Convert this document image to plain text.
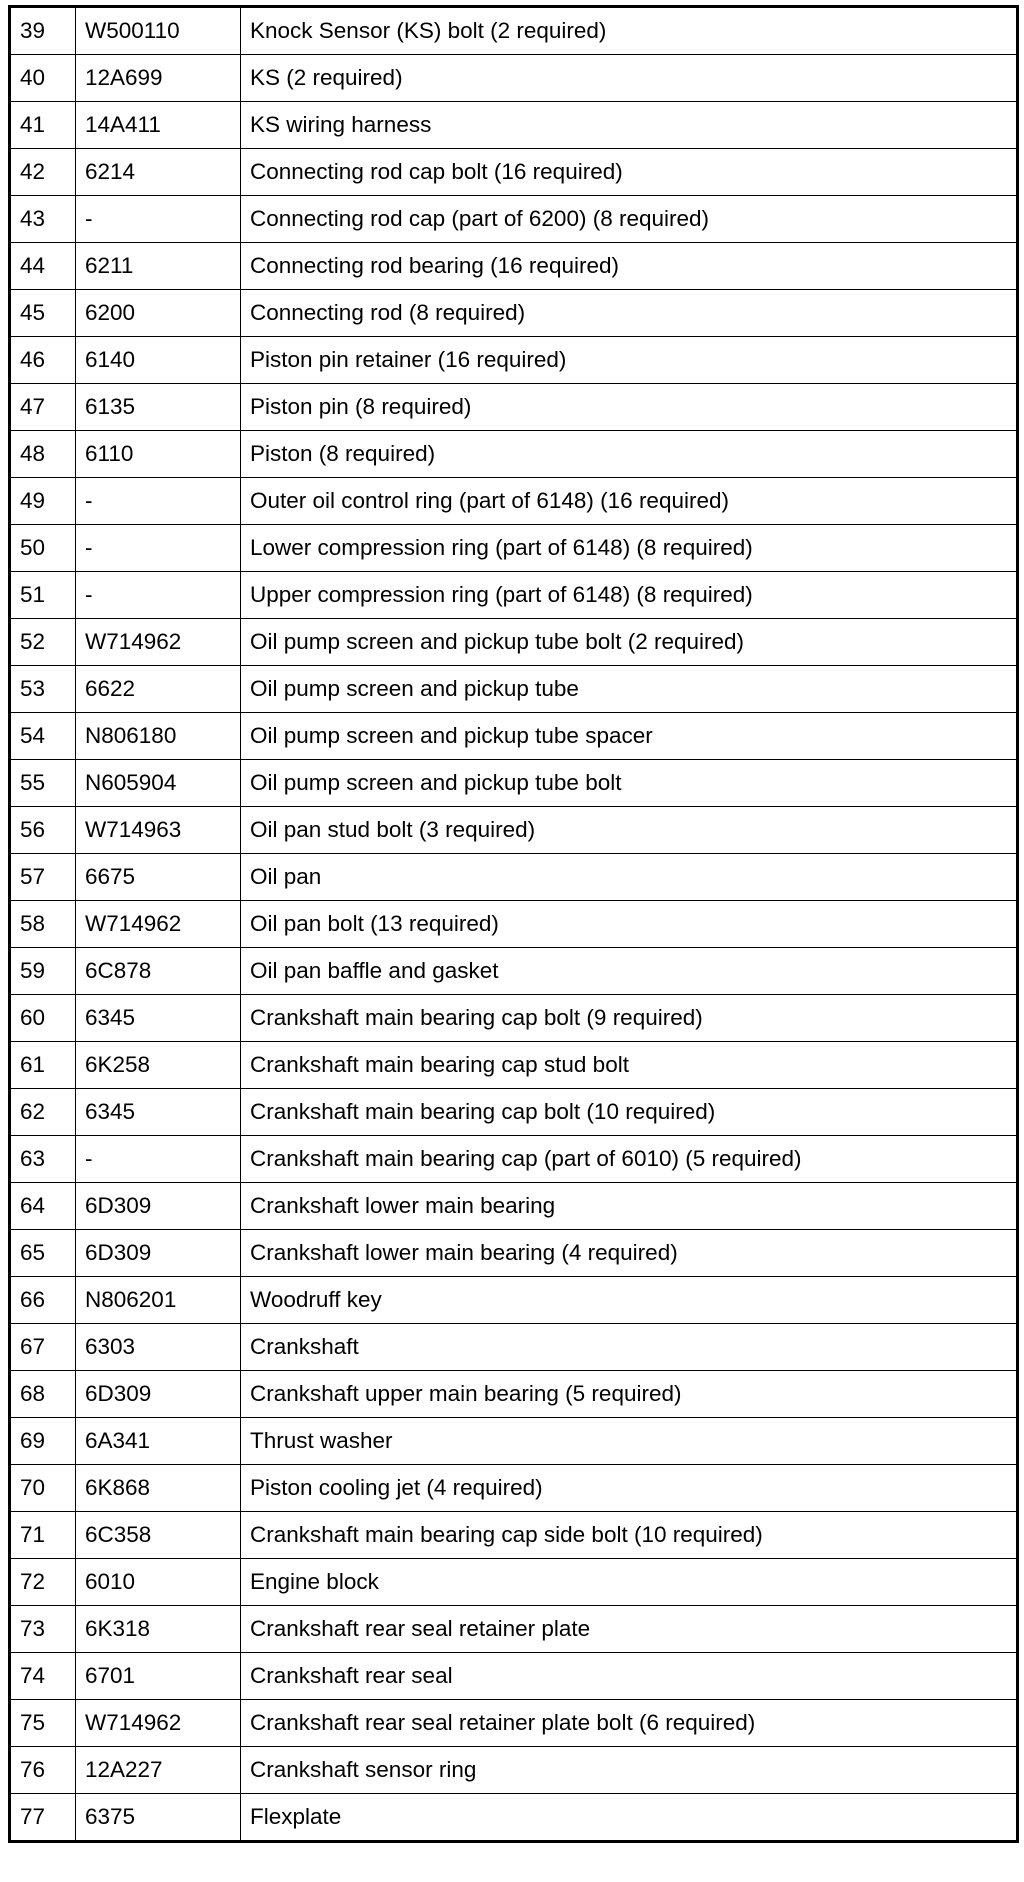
39	W500110	Knock Sensor (KS) bolt (2 required)
40	12A699	KS (2 required)
41	14A411	KS wiring harness
42	6214	Connecting rod cap bolt (16 required)
43	-	Connecting rod cap (part of 6200) (8 required)
44	6211	Connecting rod bearing (16 required)
45	6200	Connecting rod (8 required)
46	6140	Piston pin retainer (16 required)
47	6135	Piston pin (8 required)
48	6110	Piston (8 required)
49	-	Outer oil control ring (part of 6148) (16 required)
50	-	Lower compression ring (part of 6148) (8 required)
51	-	Upper compression ring (part of 6148) (8 required)
52	W714962	Oil pump screen and pickup tube bolt (2 required)
53	6622	Oil pump screen and pickup tube
54	N806180	Oil pump screen and pickup tube spacer
55	N605904	Oil pump screen and pickup tube bolt
56	W714963	Oil pan stud bolt (3 required)
57	6675	Oil pan
58	W714962	Oil pan bolt (13 required)
59	6C878	Oil pan baffle and gasket
60	6345	Crankshaft main bearing cap bolt (9 required)
61	6K258	Crankshaft main bearing cap stud bolt
62	6345	Crankshaft main bearing cap bolt (10 required)
63	-	Crankshaft main bearing cap (part of 6010) (5 required)
64	6D309	Crankshaft lower main bearing
65	6D309	Crankshaft lower main bearing (4 required)
66	N806201	Woodruff key
67	6303	Crankshaft
68	6D309	Crankshaft upper main bearing (5 required)
69	6A341	Thrust washer
70	6K868	Piston cooling jet (4 required)
71	6C358	Crankshaft main bearing cap side bolt (10 required)
72	6010	Engine block
73	6K318	Crankshaft rear seal retainer plate
74	6701	Crankshaft rear seal
75	W714962	Crankshaft rear seal retainer plate bolt (6 required)
76	12A227	Crankshaft sensor ring
77	6375	Flexplate
